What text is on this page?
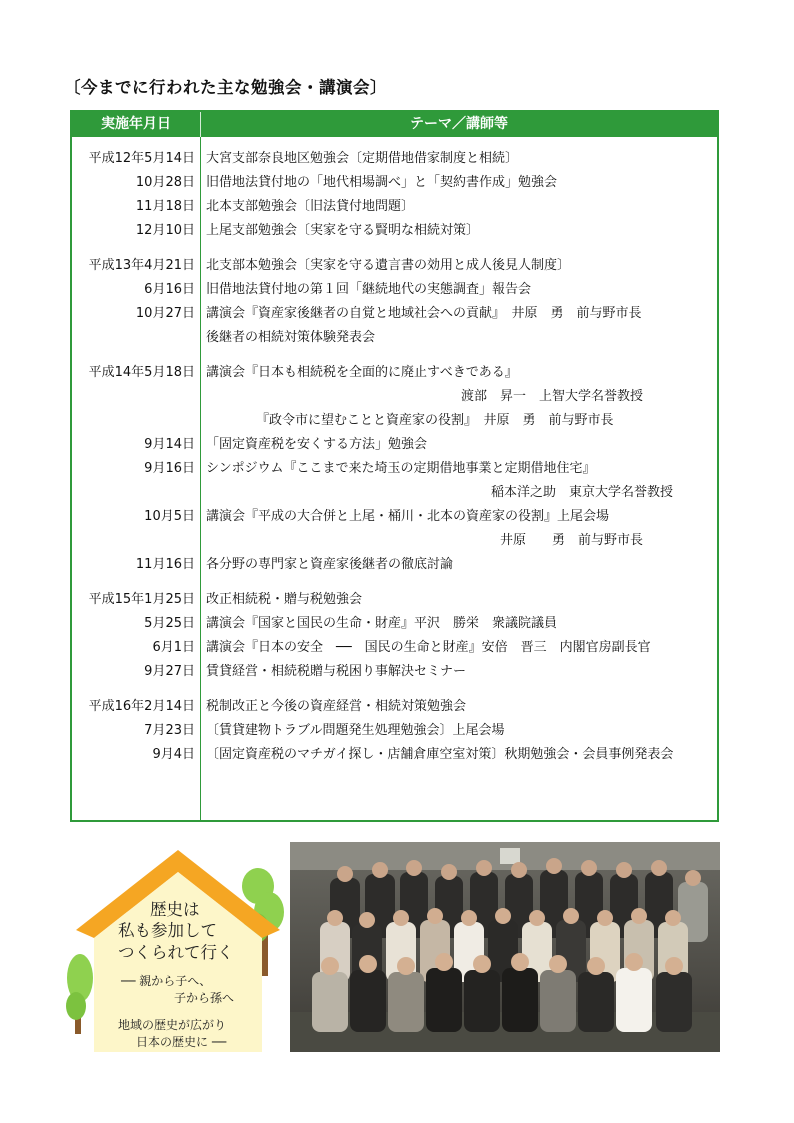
〔今までに行われた主な勉強会・講演会〕
実施年月日	テーマ／講師等
平成12年5月14日 大宮支部奈良地区勉強会〔定期借地借家制度と相続〕
10月28日 旧借地法貸付地の「地代相場調べ」と「契約書作成」勉強会
11月18日 北本支部勉強会〔旧法貸付地問題〕
12月10日 上尾支部勉強会〔実家を守る賢明な相続対策〕
平成13年4月21日 北支部本勉強会〔実家を守る遺言書の効用と成人後見人制度〕
6月16日 旧借地法貸付地の第１回「継続地代の実態調査」報告会
10月27日 講演会『資産家後継者の自覚と地域社会への貢献』　井原　勇　前与野市長
後継者の相続対策体験発表会
平成14年5月18日 講演会『日本も相続税を全面的に廃止すべきである』
渡部　昇一　上智大学名誉教授
『政令市に望むことと資産家の役割』　井原　勇　前与野市長
9月14日 「固定資産税を安くする方法」勉強会
9月16日 シンポジウム『ここまで来た埼玉の定期借地事業と定期借地住宅』
稲本洋之助　東京大学名誉教授
10月5日 講演会『平成の大合併と上尾・桶川・北本の資産家の役割』上尾会場
井原　　勇　前与野市長
11月16日 各分野の専門家と資産家後継者の徹底討論
平成15年1月25日 改正相続税・贈与税勉強会
5月25日 講演会『国家と国民の生命・財産』平沢　勝栄　衆議院議員
6月1日 講演会『日本の安全　──　国民の生命と財産』安倍　晋三　内閣官房副長官
9月27日 賃貸経営・相続税贈与税困り事解決セミナー
平成16年2月14日 税制改正と今後の資産経営・相続対策勉強会
7月23日 〔賃貸建物トラブル問題発生処理勉強会〕上尾会場
9月4日 〔固定資産税のマチガイ探し・店舗倉庫空室対策〕秋期勉強会・会員事例発表会
歴史は
私も参加して
つくられて行く
── 親から子へ、
子から孫へ
地域の歴史が広がり
日本の歴史に ──
